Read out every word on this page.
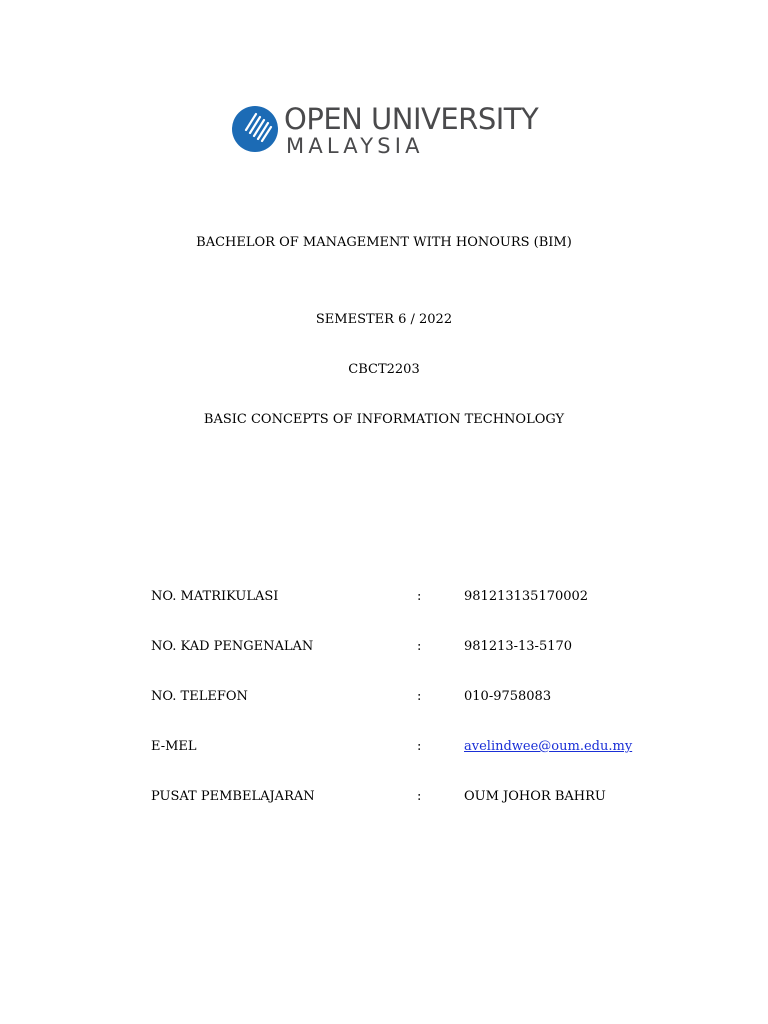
OPEN UNIVERSITY
MALAYSIA
BACHELOR OF MANAGEMENT WITH HONOURS (BIM)
SEMESTER 6 / 2022
CBCT2203
BASIC CONCEPTS OF INFORMATION TECHNOLOGY
NO. MATRIKULASI	:	981213135170002
NO. KAD PENGENALAN	:	981213-13-5170
NO. TELEFON	:	010-9758083
E-MEL	:	avelindwee@oum.edu.my
PUSAT PEMBELAJARAN	:	OUM JOHOR BAHRU
